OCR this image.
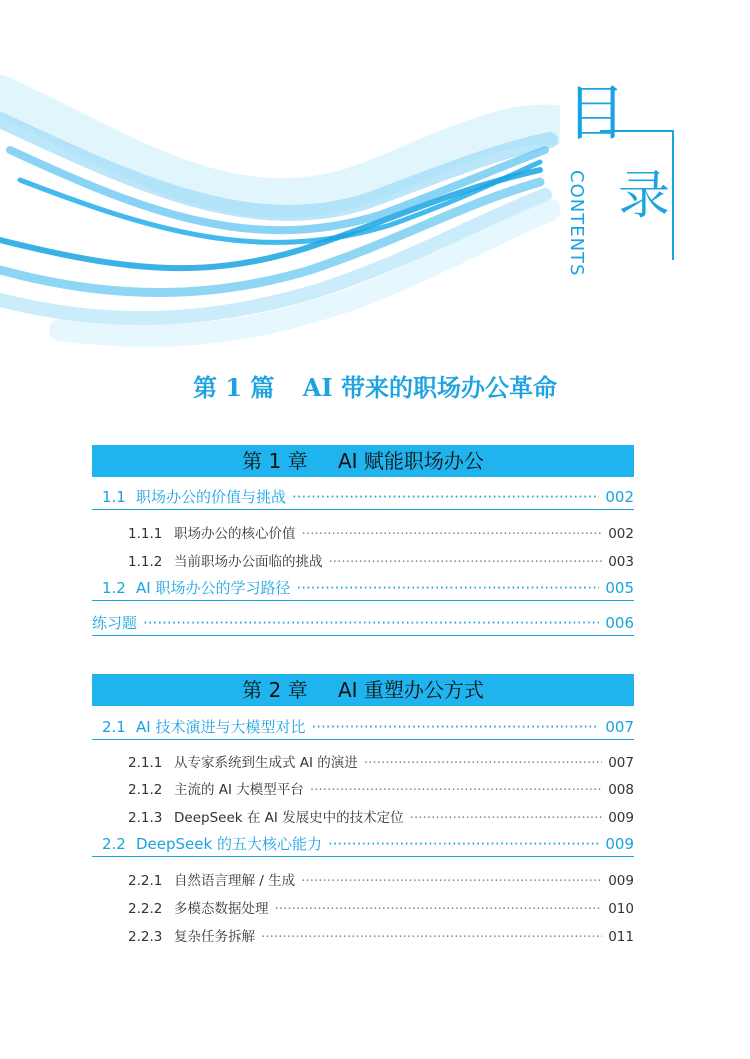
目
录
CONTENTS
第 1 篇 AI 带来的职场办公革命
第 1 章 AI 赋能职场办公
1.1 职场办公的价值与挑战 ·····	002
1.1.1 职场办公的核心价值 ·····	002
1.1.2 当前职场办公面临的挑战 ·····	003
1.2 AI 职场办公的学习路径 ·····	005
练习题 ·····	006
第 2 章 AI 重塑办公方式
2.1 AI 技术演进与大模型对比 ·····	007
2.1.1 从专家系统到生成式 AI 的演进 ·····	007
2.1.2 主流的 AI 大模型平台 ·····	008
2.1.3 DeepSeek 在 AI 发展史中的技术定位 ·····	009
2.2 DeepSeek 的五大核心能力 ·····	009
2.2.1 自然语言理解 / 生成 ·····	009
2.2.2 多模态数据处理 ·····	010
2.2.3 复杂任务拆解 ·····	011
